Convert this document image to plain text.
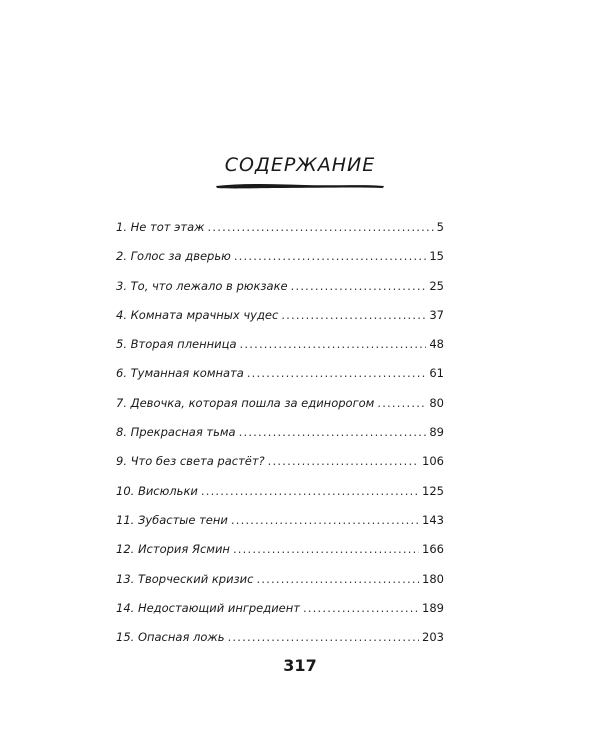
СОДЕРЖАНИЕ
1. Не тот этаж .....	5
2. Голос за дверью .....	15
3. То, что лежало в рюкзаке .....	25
4. Комната мрачных чудес .....	37
5. Вторая пленница .....	48
6. Туманная комната .....	61
7. Девочка, которая пошла за единорогом .....	80
8. Прекрасная тьма .....	89
9. Что без света растёт? .....	106
10. Висюльки .....	125
11. Зубастые тени .....	143
12. История Ясмин .....	166
13. Творческий кризис .....	180
14. Недостающий ингредиент .....	189
15. Опасная ложь .....	203
317
